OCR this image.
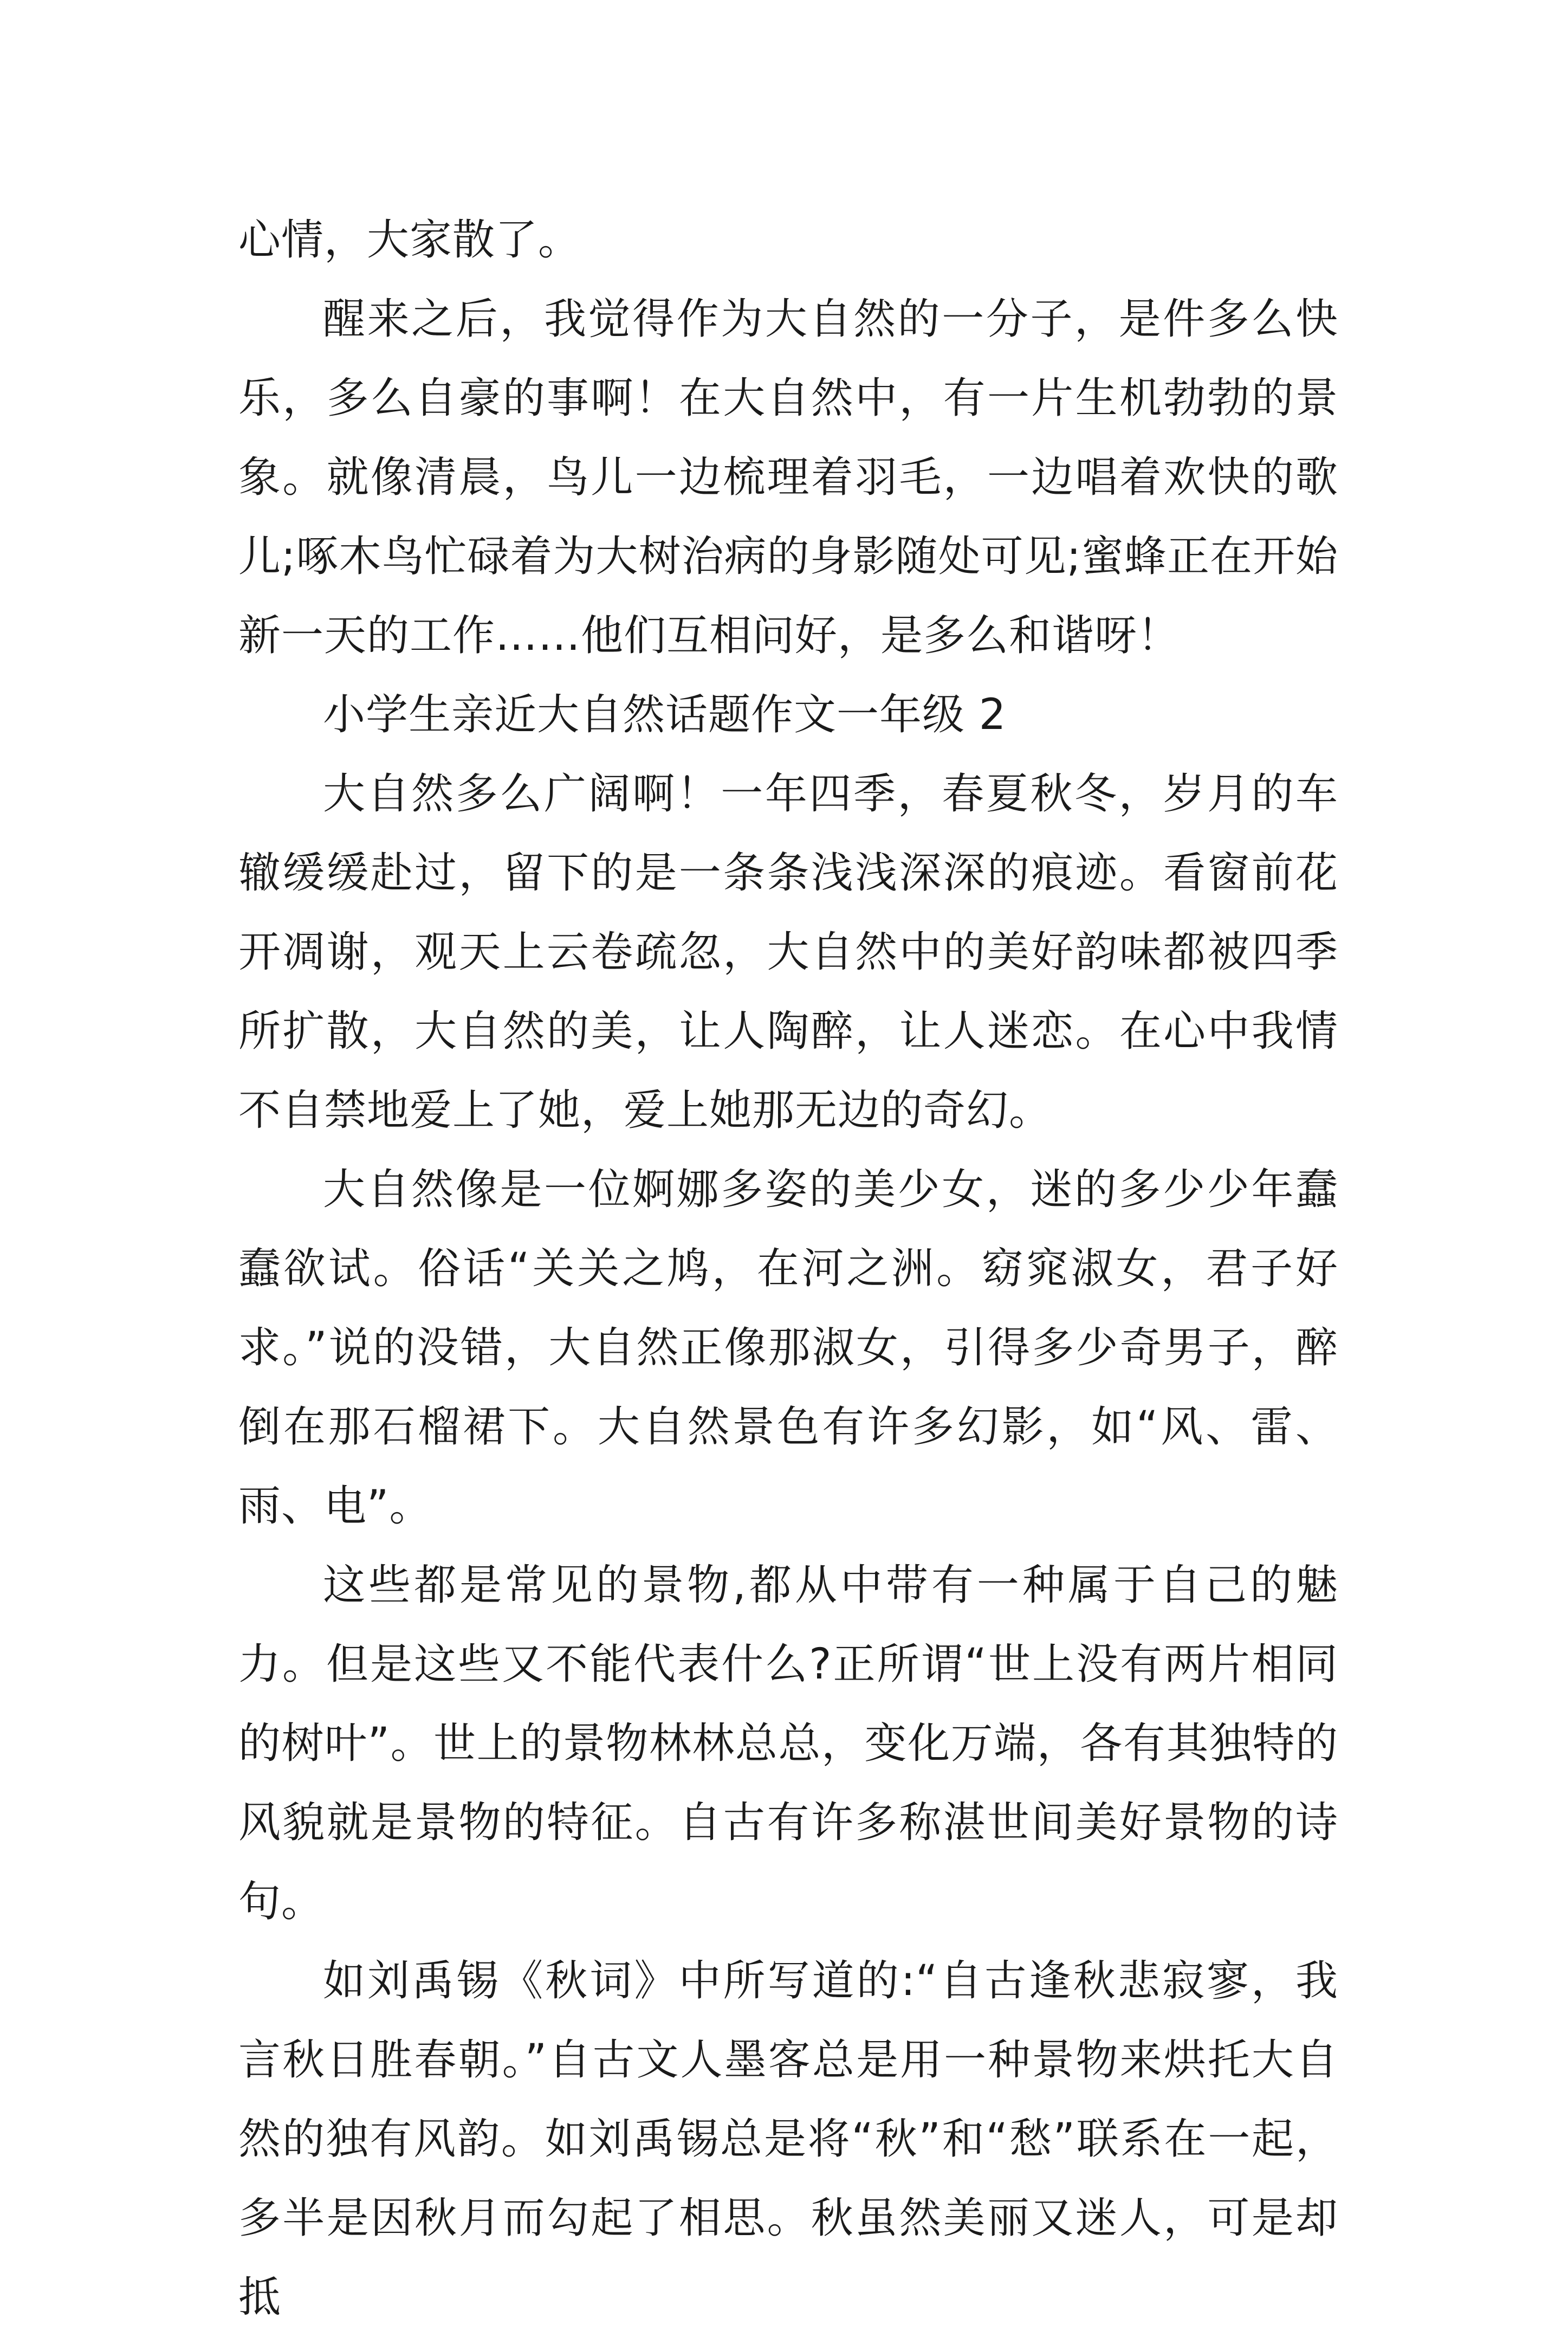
心情，大家散了。

醒来之后，我觉得作为大自然的一分子，是件多么快乐，多么自豪的事啊！在大自然中，有一片生机勃勃的景象。就像清晨，鸟儿一边梳理着羽毛，一边唱着欢快的歌儿;啄木鸟忙碌着为大树治病的身影随处可见;蜜蜂正在开始新一天的工作……他们互相问好，是多么和谐呀！

小学生亲近大自然话题作文一年级 2

大自然多么广阔啊！一年四季，春夏秋冬，岁月的车辙缓缓赴过，留下的是一条条浅浅深深的痕迹。看窗前花开凋谢，观天上云卷疏忽，大自然中的美好韵味都被四季所扩散，大自然的美，让人陶醉，让人迷恋。在心中我情不自禁地爱上了她，爱上她那无边的奇幻。

大自然像是一位婀娜多姿的美少女，迷的多少少年蠢蠢欲试。俗话“关关之鸠，在河之洲。窈窕淑女，君子好求。”说的没错，大自然正像那淑女，引得多少奇男子，醉倒在那石榴裙下。大自然景色有许多幻影，如“风、雷、雨、电”。

这些都是常见的景物,都从中带有一种属于自己的魅力。但是这些又不能代表什么?正所谓“世上没有两片相同的树叶”。世上的景物林林总总，变化万端，各有其独特的风貌就是景物的特征。自古有许多称湛世间美好景物的诗句。

如刘禹锡《秋词》中所写道的:“自古逢秋悲寂寥，我言秋日胜春朝。”自古文人墨客总是用一种景物来烘托大自然的独有风韵。如刘禹锡总是将“秋”和“愁”联系在一起，多半是因秋月而勾起了相思。秋虽然美丽又迷人，可是却抵
